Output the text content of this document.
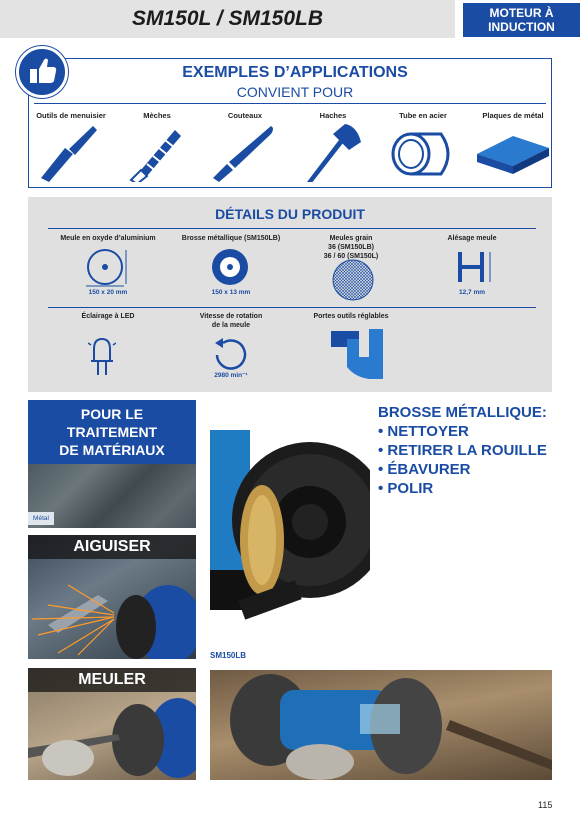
SM150L / SM150LB	MOTEUR À
INDUCTION
EXEMPLES D’APPLICATIONS
CONVIENT POUR
Outils de menuisier	Mèches	Couteaux	Haches	Tube en acier	Plaques de métal
DÉTAILS DU PRODUIT
Meule en oxyde d’aluminium	Brosse métallique (SM150LB)	Meules grain
36 (SM150LB)
36 / 60 (SM150L)
Alésage meule
150 x 20 mm	150 x 13 mm	12,7 mm
Éclairage à LED	Vitesse de rotation
de la meule
Portes outils réglables
2980 min⁻¹
POUR LE
TRAITEMENT
DE MATÉRIAUX
Métal
AIGUISER
MEULER
SM150LB
BROSSE MÉTALLIQUE:
• NETTOYER
• RETIRER LA ROUILLE
• ÉBAVURER
• POLIR
115
